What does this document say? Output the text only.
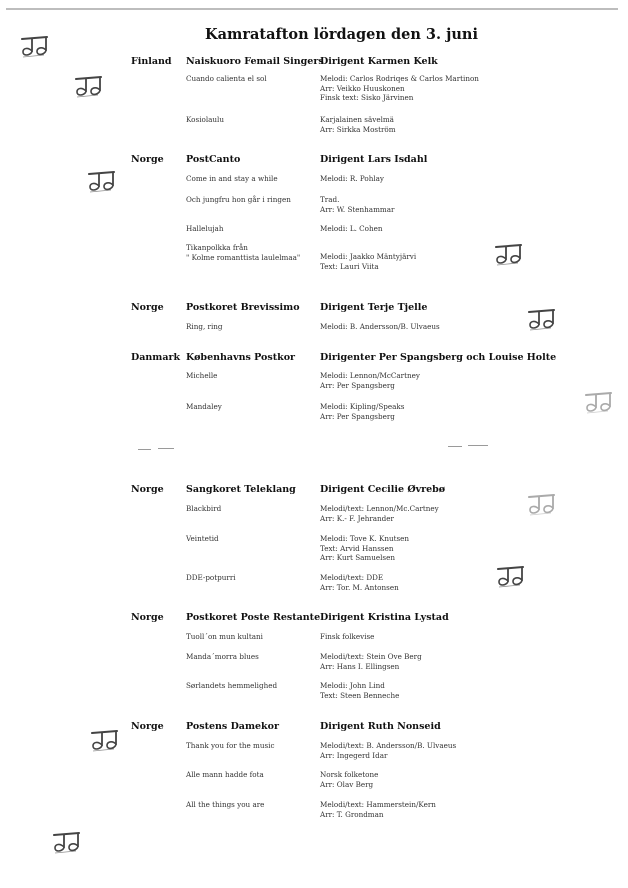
Kamratafton lördagen den 3. juni
Finland Naiskuoro Femail Singers
Dirigent Karmen Kelk
Cuando calienta el sol	Melodi: Carlos Rodriqes & Carlos Martinon
Arr: Veikko Huuskonen
Finsk text: Sisko Järvinen
Kosiolaulu	Karjalainen sävelmä
Arr: Sirkka Moström
Norge PostCanto	Dirigent Lars Isdahl
Come in and stay a while	Melodi: R. Pohlay
Och jungfru hon går i ringen	Trad.
Arr: W. Stenhammar
Hallelujah	Melodi: L. Cohen
Tikanpolkka från
" Kolme romanttista laulelmaa"	Melodi: Jaakko Mäntyjärvi
Text: Lauri Viita
Norge Postkoret Brevissimo Dirigent Terje Tjelle
Ring, ring	Melodi: B. Andersson/B. Ulvaeus
Danmark Københavns Postkor	Dirigenter Per Spangsberg och Louise Holte
Michelle	Melodi: Lennon/McCartney
Arr: Per Spangsberg
Mandaley	Melodi: Kipling/Speaks
Arr: Per Spangsberg
Norge Sangkoret Teleklang	Dirigent Cecilie Øvrebø
Blackbird	Melodi/text: Lennon/Mc.Cartney
Arr: K.- F. Jehrander
Veintetid	Melodi: Tove K. Knutsen
Text: Arvid Hanssen
Arr: Kurt Samuelsen
DDE-potpurri	Melodi/text: DDE
Arr: Tor. M. Antonsen
Norge Postkoret Poste Restante Dirigent Kristina Lystad
Tuoll´on mun kultani	Finsk folkevise
Manda´morra blues	Melodi/text: Stein Ove Berg
Arr: Hans I. Ellingsen
Sørlandets hemmelighed	Melodi: John Lind
Text: Steen Benneche
Norge Postens Damekor	Dirigent Ruth Nonseid
Thank you for the music	Melodi/text: B. Andersson/B. Ulvaeus
Arr: Ingegerd Idar
Alle mann hadde fota	Norsk folketone
Arr: Olav Berg
All the things you are	Melodi/text: Hammerstein/Kern
Arr: T. Grondman
